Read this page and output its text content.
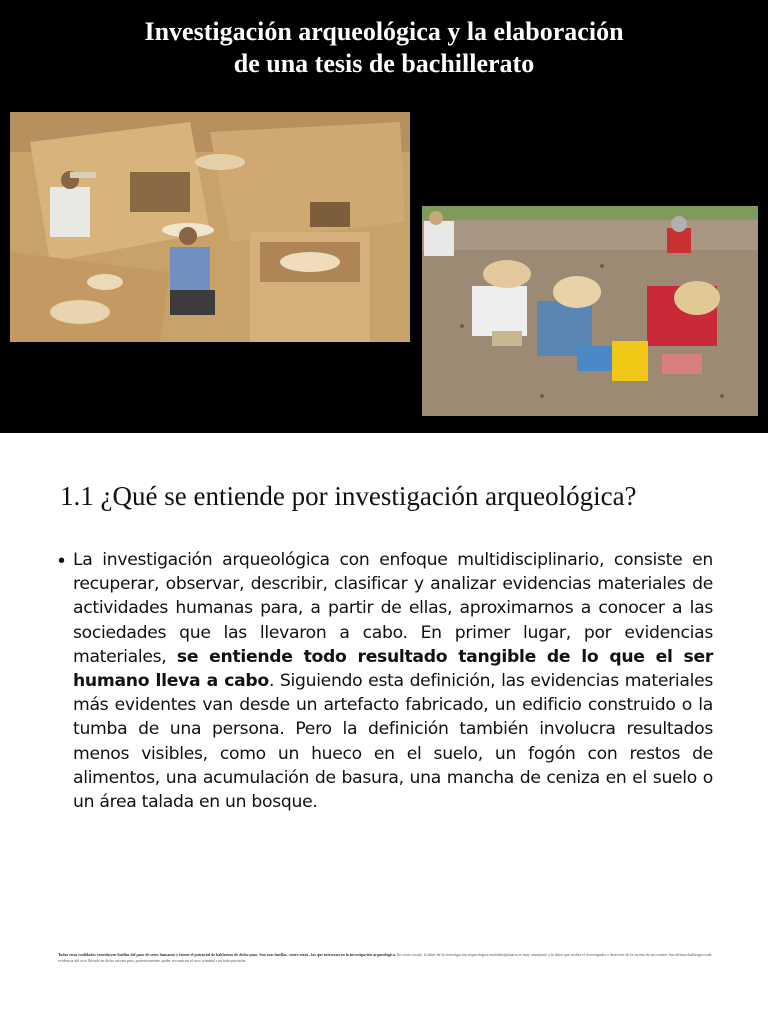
Investigación arqueológica y la elaboración
de una tesis de bachillerato
1.1 ¿Qué se entiende por investigación arqueológica?
• La investigación arqueológica con enfoque multidisciplinario, consiste en recuperar, observar, describir, clasificar y analizar evidencias materiales de actividades humanas para, a partir de ellas, aproximarnos a conocer a las sociedades que las llevaron a cabo. En primer lugar, por evidencias materiales, se entiende todo resultado tangible de lo que el ser humano lleva a cabo. Siguiendo esta definición, las evidencias materiales más evidentes van desde un artefacto fabricado, un edificio construido o la tumba de una persona. Pero la definición también involucra resultados menos visibles, como un hueco en el suelo, un fogón con restos de alimentos, una acumulación de basura, una mancha de ceniza en el suelo o un área talada en un bosque.
Todas estas realidades constituyen huellas del paso de seres humanos y tienen el potencial de hablarnos de dicho paso. Son esas huellas –entre otras– las que interesan en la investigación arqueológica. En cierto modo, la labor de la investigación arqueológica multidisciplinaria es muy semejante a la labor que realiza el investigador o detective de la escena de un crimen. Sus últimos hallazgos toda evidencia del acto llevado en dicha escena para, posteriormente, poder reconstruir el acto criminal con toda precisión.
